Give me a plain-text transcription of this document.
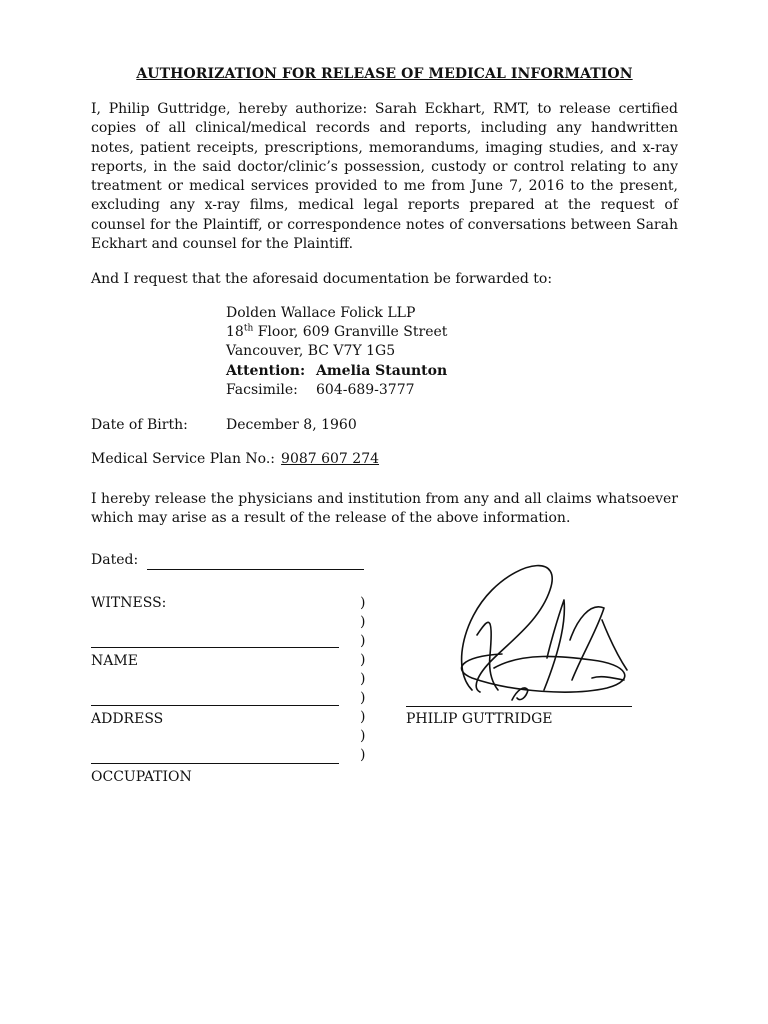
AUTHORIZATION FOR RELEASE OF MEDICAL INFORMATION

I, Philip Guttridge, hereby authorize: Sarah Eckhart, RMT, to release certified copies of all clinical/medical records and reports, including any handwritten notes, patient receipts, prescriptions, memorandums, imaging studies, and x-ray reports, in the said doctor/clinic’s possession, custody or control relating to any treatment or medical services provided to me from June 7, 2016 to the present, excluding any x-ray films, medical legal reports prepared at the request of counsel for the Plaintiff, or correspondence notes of conversations between Sarah Eckhart and counsel for the Plaintiff.

And I request that the aforesaid documentation be forwarded to:

Dolden Wallace Folick LLP
18th Floor, 609 Granville Street
Vancouver, BC V7Y 1G5
Attention: Amelia Staunton
Facsimile:	604-689-3777
Date of Birth:	December 8, 1960
Medical Service Plan No.: 9087 607 274

I hereby release the physicians and institution from any and all claims whatsoever which may arise as a result of the release of the above information.

Dated:
WITNESS:
NAME
ADDRESS
OCCUPATION
)
)
)
)
)
)
)
)
)
PHILIP GUTTRIDGE
